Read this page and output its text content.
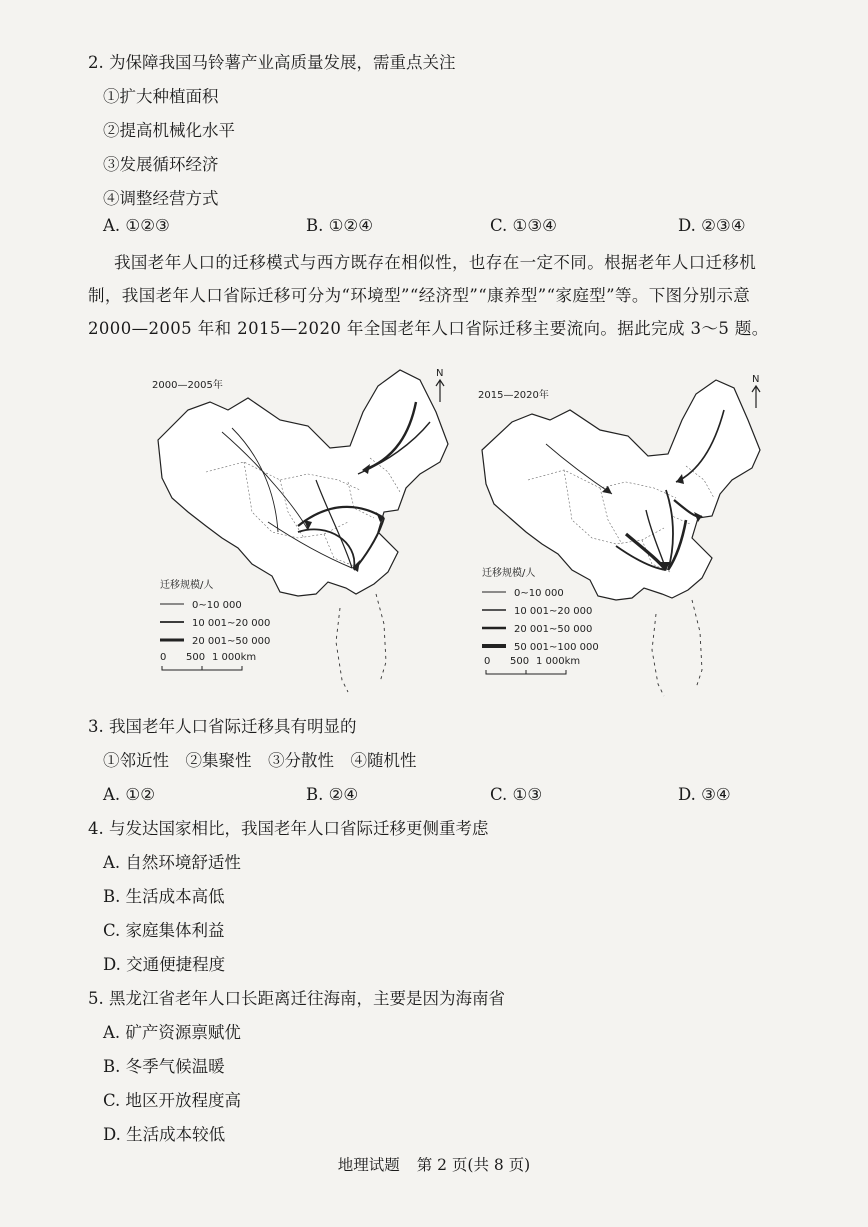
2. 为保障我国马铃薯产业高质量发展，需重点关注
①扩大种植面积
②提高机械化水平
③发展循环经济
④调整经营方式
A. ①②③	B. ①②④	C. ①③④	D. ②③④
我国老年人口的迁移模式与西方既存在相似性，也存在一定不同。根据老年人口迁移机
制，我国老年人口省际迁移可分为“环境型”“经济型”“康养型”“家庭型”等。下图分别示意
2000—2005 年和 2015—2020 年全国老年人口省际迁移主要流向。据此完成 3～5 题。
N
2000—2005年
迁移规模/人
0~10 000
10 001~20 000
20 001~50 000
0 500 1 000km
N
2015—2020年
迁移规模/人
0~10 000
10 001~20 000
20 001~50 000
50 001~100 000
0 500 1 000km
3. 我国老年人口省际迁移具有明显的
①邻近性　②集聚性　③分散性　④随机性
A. ①②	B. ②④	C. ①③	D. ③④
4. 与发达国家相比，我国老年人口省际迁移更侧重考虑
A. 自然环境舒适性
B. 生活成本高低
C. 家庭集体利益
D. 交通便捷程度
5. 黑龙江省老年人口长距离迁往海南，主要是因为海南省
A. 矿产资源禀赋优
B. 冬季气候温暖
C. 地区开放程度高
D. 生活成本较低
地理试题 第 2 页(共 8 页)
